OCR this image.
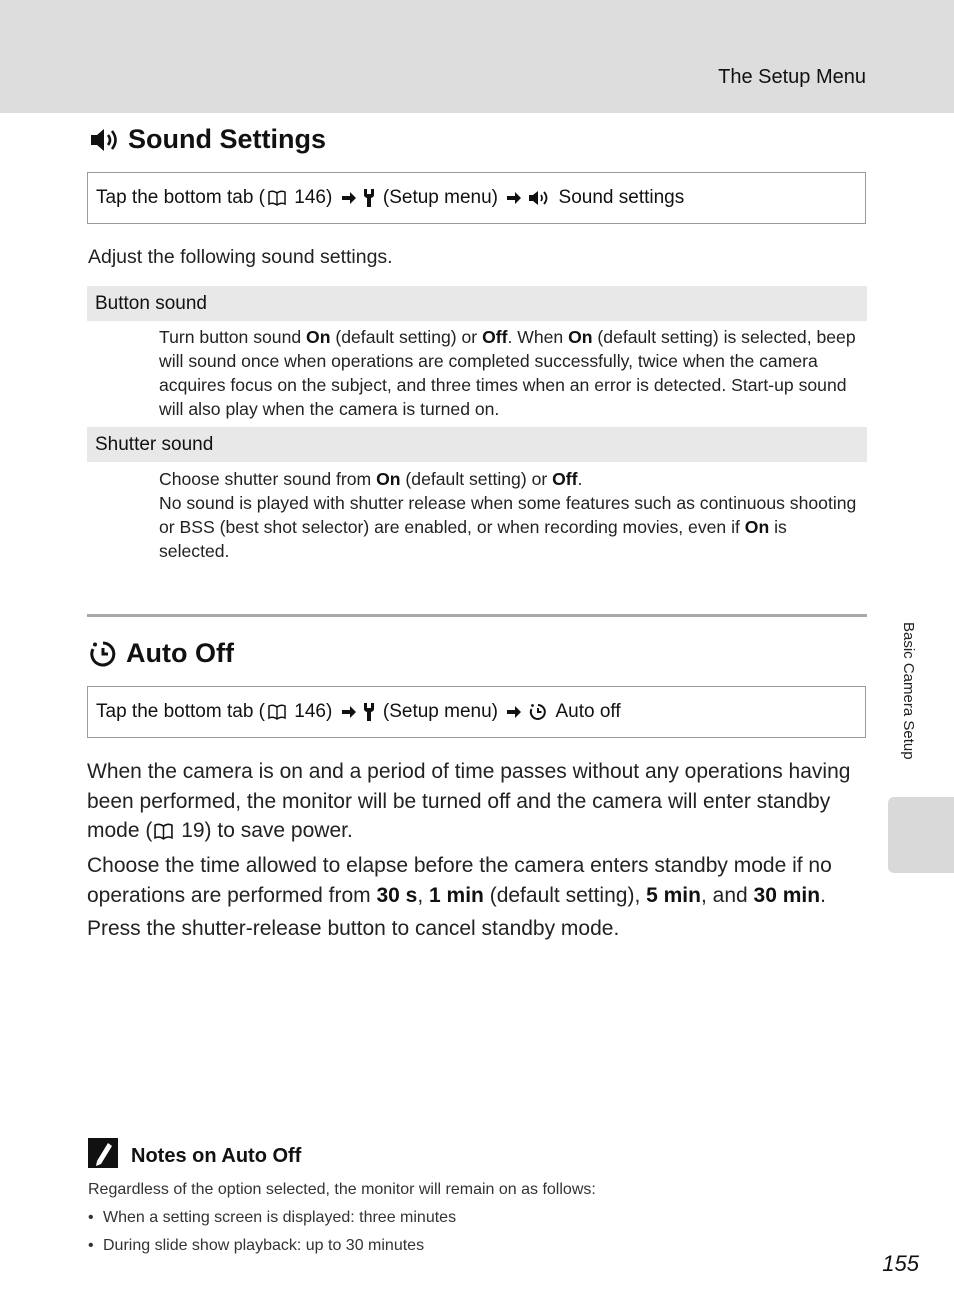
The Setup Menu
Sound Settings
Tap the bottom tab ( 146) (Setup menu)	Sound settings
Adjust the following sound settings.
Button sound
Turn button sound On (default setting) or Off. When On (default setting) is selected, beep will sound once when operations are completed successfully, twice when the camera acquires focus on the subject, and three times when an error is detected. Start-up sound will also play when the camera is turned on.
Shutter sound
Choose shutter sound from On (default setting) or Off.
No sound is played with shutter release when some features such as continuous shooting or BSS (best shot selector) are enabled, or when recording movies, even if On is selected.
Auto Off
Tap the bottom tab ( 146) (Setup menu)	Auto off
When the camera is on and a period of time passes without any operations having been performed, the monitor will be turned off and the camera will enter standby mode (
19) to save power.
Choose the time allowed to elapse before the camera enters standby mode if no operations are performed from 30 s, 1 min (default setting), 5 min, and 30 min.
Press the shutter-release button to cancel standby mode.
Basic Camera Setup
Notes on Auto Off
Regardless of the option selected, the monitor will remain on as follows:
• When a setting screen is displayed: three minutes
• During slide show playback: up to 30 minutes
155
